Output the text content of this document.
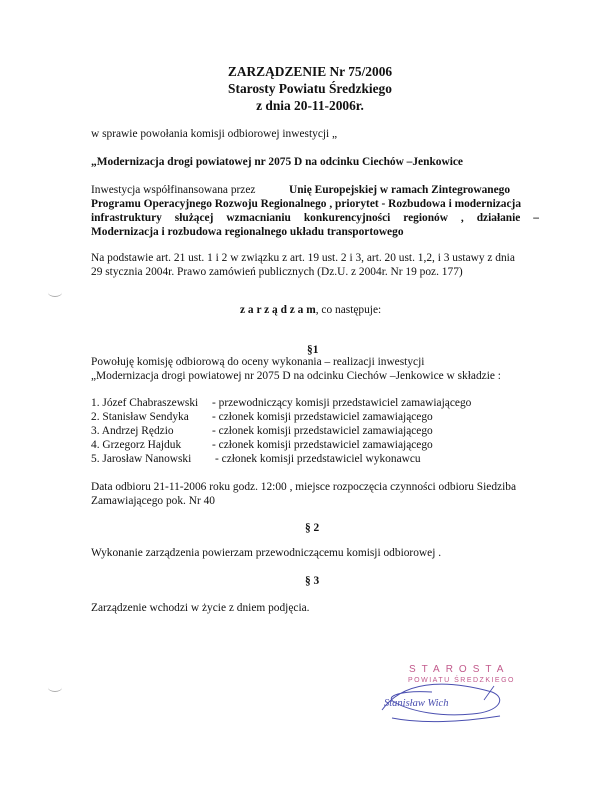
ZARZĄDZENIE Nr 75/2006
Starosty Powiatu Średzkiego
z dnia 20-11-2006r.
w sprawie powołania komisji odbiorowej inwestycji „
„Modernizacja drogi powiatowej nr 2075 D na odcinku Ciechów –Jenkowice
Inwestycja współfinansowana przez	Unię Europejskiej w ramach Zintegrowanego
Programu Operacyjnego Rozwoju Regionalnego , priorytet - Rozbudowa i modernizacja
infrastruktury służącej wzmacnianiu konkurencyjności regionów , działanie –
Modernizacja i rozbudowa regionalnego układu transportowego
Na podstawie art. 21 ust. 1 i 2 w związku z art. 19 ust. 2 i 3, art. 20 ust. 1,2, i 3 ustawy z dnia
29 stycznia 2004r. Prawo zamówień publicznych (Dz.U. z 2004r. Nr 19 poz. 177)
z a r z ą d z a m, co następuje:
§1
Powołuję komisję odbiorową do oceny wykonania – realizacji inwestycji
„Modernizacja drogi powiatowej nr 2075 D na odcinku Ciechów –Jenkowice w składzie :
1. Józef Chabraszewski - przewodniczący komisji przedstawiciel zamawiającego
2. Stanisław Sendyka - członek komisji przedstawiciel zamawiającego
3. Andrzej Rędzio	- członek komisji przedstawiciel zamawiającego
4. Grzegorz Hajduk	- członek komisji przedstawiciel zamawiającego
5. Jarosław Nanowski - członek komisji przedstawiciel wykonawcu
Data odbioru 21-11-2006 roku godz. 12:00 , miejsce rozpoczęcia czynności odbioru Siedziba
Zamawiającego pok. Nr 40
§ 2
Wykonanie zarządzenia powierzam przewodniczącemu komisji odbiorowej .
§ 3
Zarządzenie wchodzi w życie z dniem podjęcia.
STAROSTA
POWIATU ŚREDZKIEGO
Stanisław Wich
